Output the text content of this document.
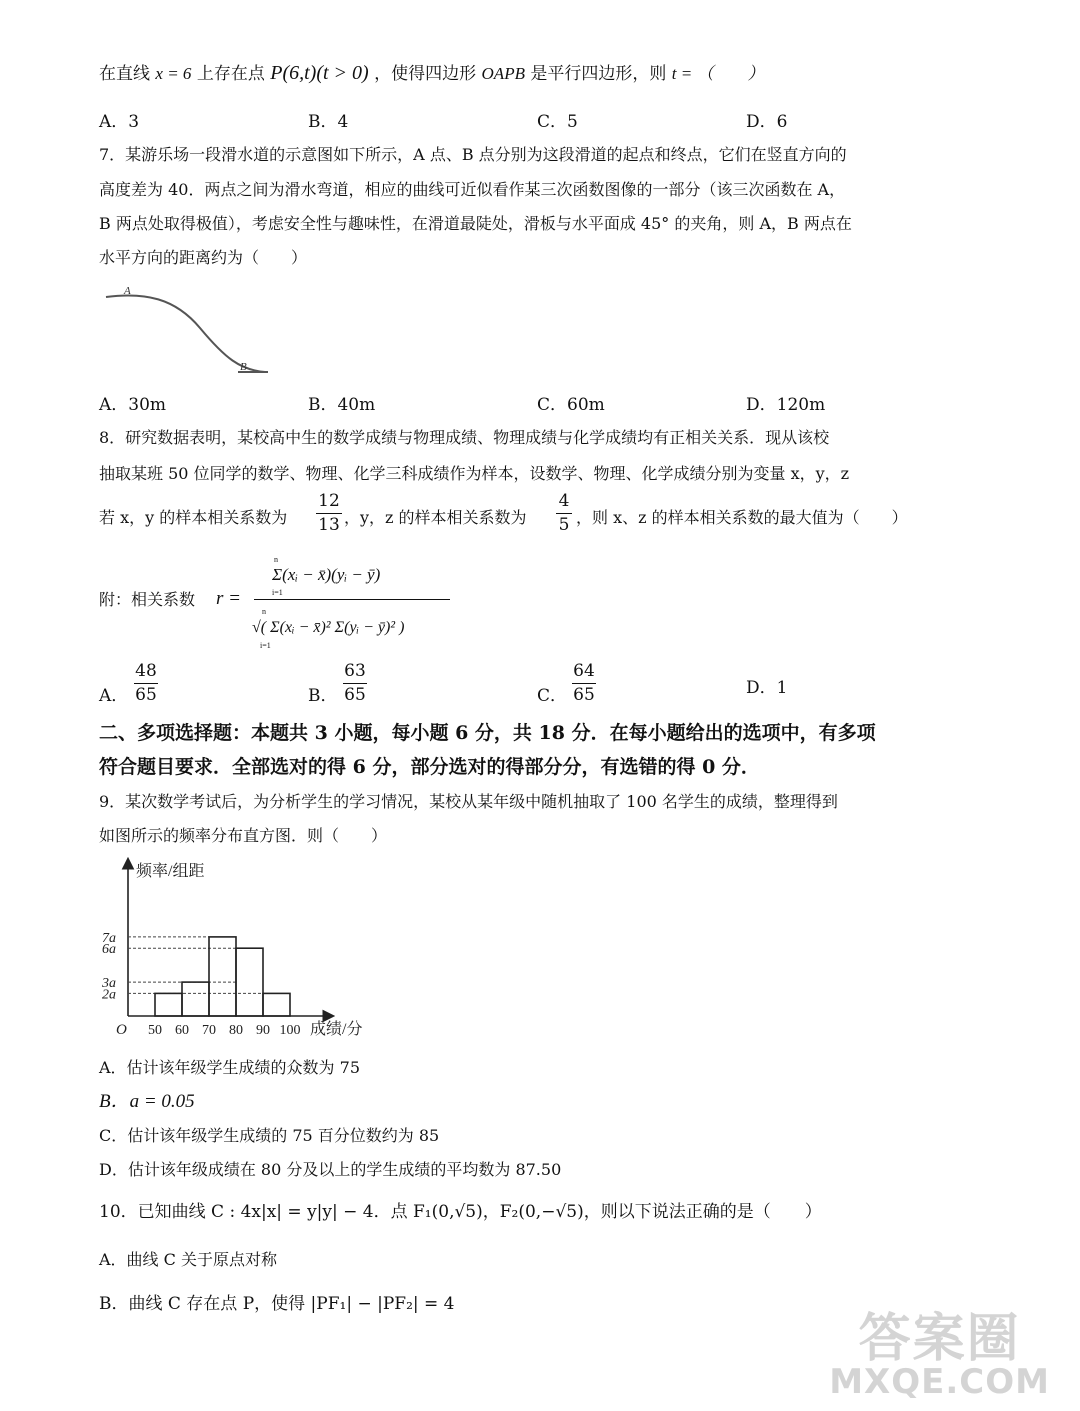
在直线 x = 6 上存在点 P(6,t)(t > 0) ，使得四边形 OAPB 是平行四边形，则 t = （　　）
A．3	B．4	C．5	D．6
7．某游乐场一段滑水道的示意图如下所示，A 点、B 点分别为这段滑道的起点和终点，它们在竖直方向的
高度差为 40．两点之间为滑水弯道，相应的曲线可近似看作某三次函数图像的一部分（该三次函数在 A，
B 两点处取得极值），考虑安全性与趣味性，在滑道最陡处，滑板与水平面成 45° 的夹角，则 A，B 两点在
水平方向的距离约为（　　）
A
B
A．30m	B．40m	C．60m	D．120m
8．研究数据表明，某校高中生的数学成绩与物理成绩、物理成绩与化学成绩均有正相关关系．现从该校
抽取某班 50 位同学的数学、物理、化学三科成绩作为样本，设数学、物理、化学成绩分别为变量 x，y，z
若 x，y 的样本相关系数为
12
13 ，y，z 的样本相关系数为
4
5 ，则 x、z 的样本相关系数的最大值为（　　）
附：相关系数 r =
n
i=1
Σ(xᵢ − x̄)(yᵢ − ȳ)
n
i=1
√( Σ(xᵢ − x̄)² Σ(yᵢ − ȳ)² )
A．
48
65	B．
63
65	C．
64
65	D．1
二、多项选择题：本题共 3 小题，每小题 6 分，共 18 分．在每小题给出的选项中，有多项
符合题目要求．全部选对的得 6 分，部分选对的得部分分，有选错的得 0 分．
9．某次数学考试后，为分析学生的学习情况，某校从某年级中随机抽取了 100 名学生的成绩，整理得到
如图所示的频率分布直方图．则（　　）
频率/组距
成绩/分
O
2a
3a
6a
7a
50 60 70 80 90 100
A．估计该年级学生成绩的众数为 75
B．a = 0.05
C．估计该年级学生成绩的 75 百分位数约为 85
D．估计该年级成绩在 80 分及以上的学生成绩的平均数为 87.50
10．已知曲线 C : 4x|x| = y|y| − 4．点 F₁(0,√5)，F₂(0,−√5)，则以下说法正确的是（　　）
A．曲线 C 关于原点对称
B．曲线 C 存在点 P，使得 |PF₁| − |PF₂| = 4
答案圈
MXQE.COM
